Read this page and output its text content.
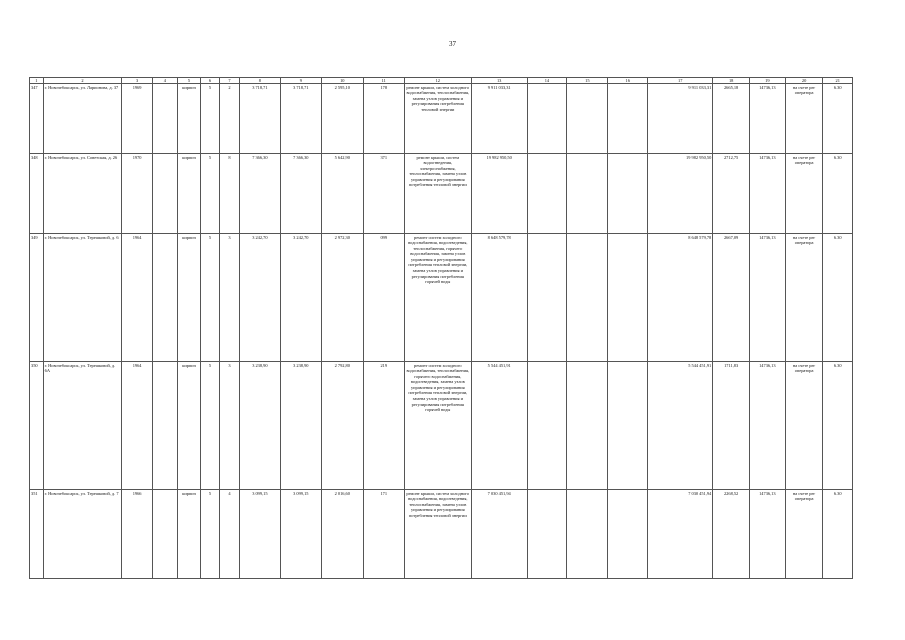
37
1	2	3	4	5	6	7	8	9	10	11	12	13	14	15	16	17	18	19	20	21
347	г. Новочебоксарск, ул. Ларионова, д. 37	1969		кирпич	5	2	3 718,71	3 718,71	2 595,10	178	ремонт крыши, систем холодного водоснабжения, теплоснабжения, замена узлов управления и регулирования потребления тепловой энергии	9 911 033,31				9 911 033,31	2665,18	14736,13	на счете рег оператора	6.30
348	г. Новочебоксарск, ул. Советская, д. 26	1970		кирпич	5	8	7 366,30	7 366,30	5 642,90	371	ремонт крыши, систем водоотведения, электроснабжения, теплоснабжения, замена узлов управления и регулирования потребления тепловой энергии	19 982 950,50				19 982 950,50	2712,75	14736,13	на счете рег оператора	6.30
349	г. Новочебоксарск, ул. Терешковой, д. 6	1964		кирпич	5	3	3 242,70	3 242,70	2 972,30	099	ремонт систем холодного водоснабжения, водоотведения, теплоснабжения, горячего водоснабжения, замена узлов управления и регулирования потребления тепловой энергии, замена узлов управления и регулирования потребления горячей воды	8 648 579,78				8 648 579,78	2667,09	14736,13	на счете рег оператора	6.30
350	г. Новочебоксарск, ул. Терешковой, д. 6А	1964		кирпич	5	3	3 238,90	3 238,90	2 792,80	219	ремонт систем холодного водоснабжения, теплоснабжения, горячего водоснабжения, водоотведения, замена узлов управления и регулирования потребления тепловой энергии, замена узлов управления и регулирования потребления горячей воды	5 544 451,91				5 544 451,91	1711,83	14736,13	на счете рег оператора	6.30
351	г. Новочебоксарск, ул. Терешковой, д. 7	1966		кирпич	5	4	3 099,15	3 099,15	2 016,60	171	ремонт крыши, систем холодного водоснабжения, водоотведения, теплоснабжения, замена узлов управления и регулирования потребления тепловой энергии	7 030 451,94				7 030 451,94	2268,52	14736,13	на счете рег оператора	6.30
